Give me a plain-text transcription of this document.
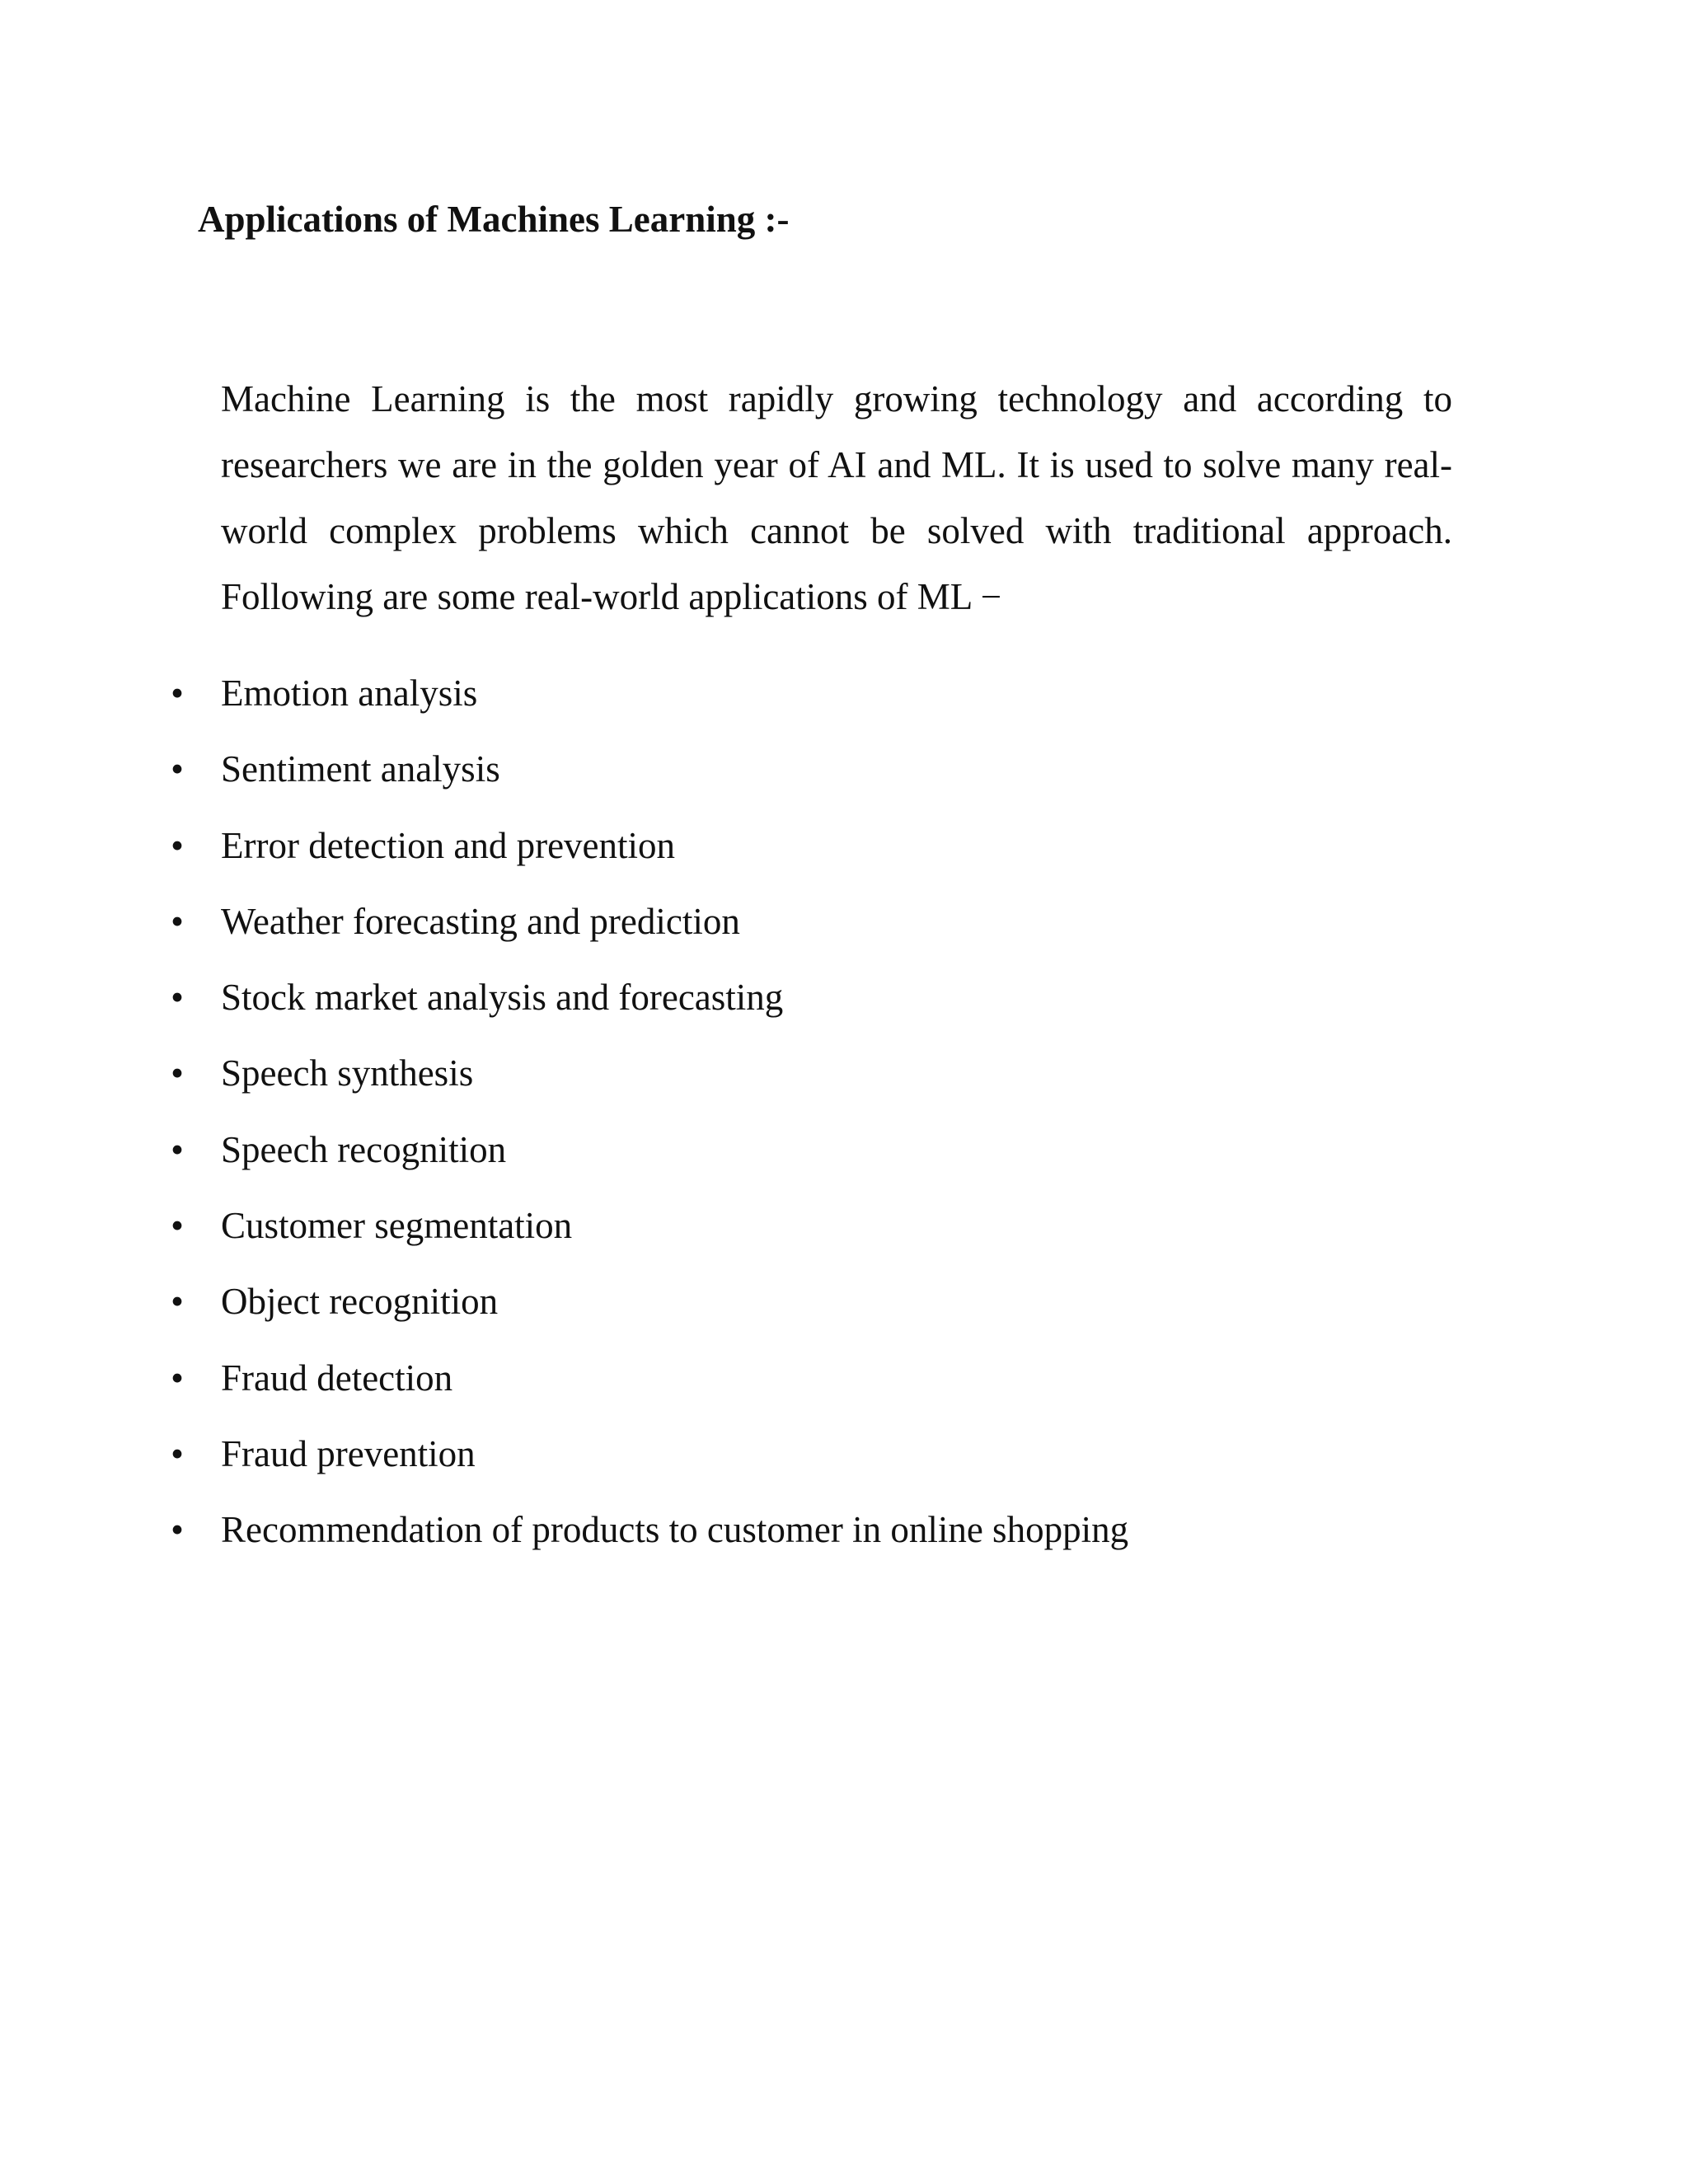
Applications of Machines Learning :-

Machine Learning is the most rapidly growing technology and according to researchers we are in the golden year of AI and ML. It is used to solve many real-world complex problems which cannot be solved with traditional approach. Following are some real-world applications of ML −

• Emotion analysis
• Sentiment analysis
• Error detection and prevention
• Weather forecasting and prediction
• Stock market analysis and forecasting
• Speech synthesis
• Speech recognition
• Customer segmentation
• Object recognition
• Fraud detection
• Fraud prevention
• Recommendation of products to customer in online shopping
